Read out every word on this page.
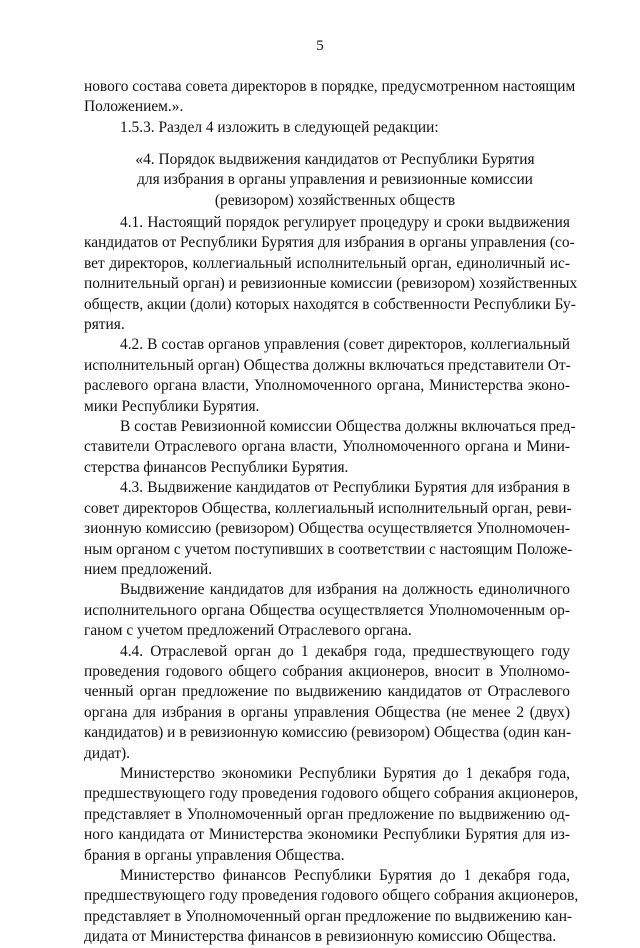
5
нового состава совета директоров в порядке, предусмотренном настоящим
Положением.».
1.5.3. Раздел 4 изложить в следующей редакции:
«4. Порядок выдвижения кандидатов от Республики Бурятия
для избрания в органы управления и ревизионные комиссии
(ревизором) хозяйственных обществ
4.1. Настоящий порядок регулирует процедуру и сроки выдвижения
кандидатов от Республики Бурятия для избрания в органы управления (со-
вет директоров, коллегиальный исполнительный орган, единоличный ис-
полнительный орган) и ревизионные комиссии (ревизором) хозяйственных
обществ, акции (доли) которых находятся в собственности Республики Бу-
рятия.
4.2. В состав органов управления (совет директоров, коллегиальный
исполнительный орган) Общества должны включаться представители От-
раслевого органа власти, Уполномоченного органа, Министерства эконо-
мики Республики Бурятия.
В состав Ревизионной комиссии Общества должны включаться пред-
ставители Отраслевого органа власти, Уполномоченного органа и Мини-
стерства финансов Республики Бурятия.
4.3. Выдвижение кандидатов от Республики Бурятия для избрания в
совет директоров Общества, коллегиальный исполнительный орган, реви-
зионную комиссию (ревизором) Общества осуществляется Уполномочен-
ным органом с учетом поступивших в соответствии с настоящим Положе-
нием предложений.
Выдвижение кандидатов для избрания на должность единоличного
исполнительного органа Общества осуществляется Уполномоченным ор-
ганом с учетом предложений Отраслевого органа.
4.4. Отраслевой орган до 1 декабря года, предшествующего году
проведения годового общего собрания акционеров, вносит в Уполномо-
ченный орган предложение по выдвижению кандидатов от Отраслевого
органа для избрания в органы управления Общества (не менее 2 (двух)
кандидатов) и в ревизионную комиссию (ревизором) Общества (один кан-
дидат).
Министерство экономики Республики Бурятия до 1 декабря года,
предшествующего году проведения годового общего собрания акционеров,
представляет в Уполномоченный орган предложение по выдвижению од-
ного кандидата от Министерства экономики Республики Бурятия для из-
брания в органы управления Общества.
Министерство финансов Республики Бурятия до 1 декабря года,
предшествующего году проведения годового общего собрания акционеров,
представляет в Уполномоченный орган предложение по выдвижению кан-
дидата от Министерства финансов в ревизионную комиссию Общества.
